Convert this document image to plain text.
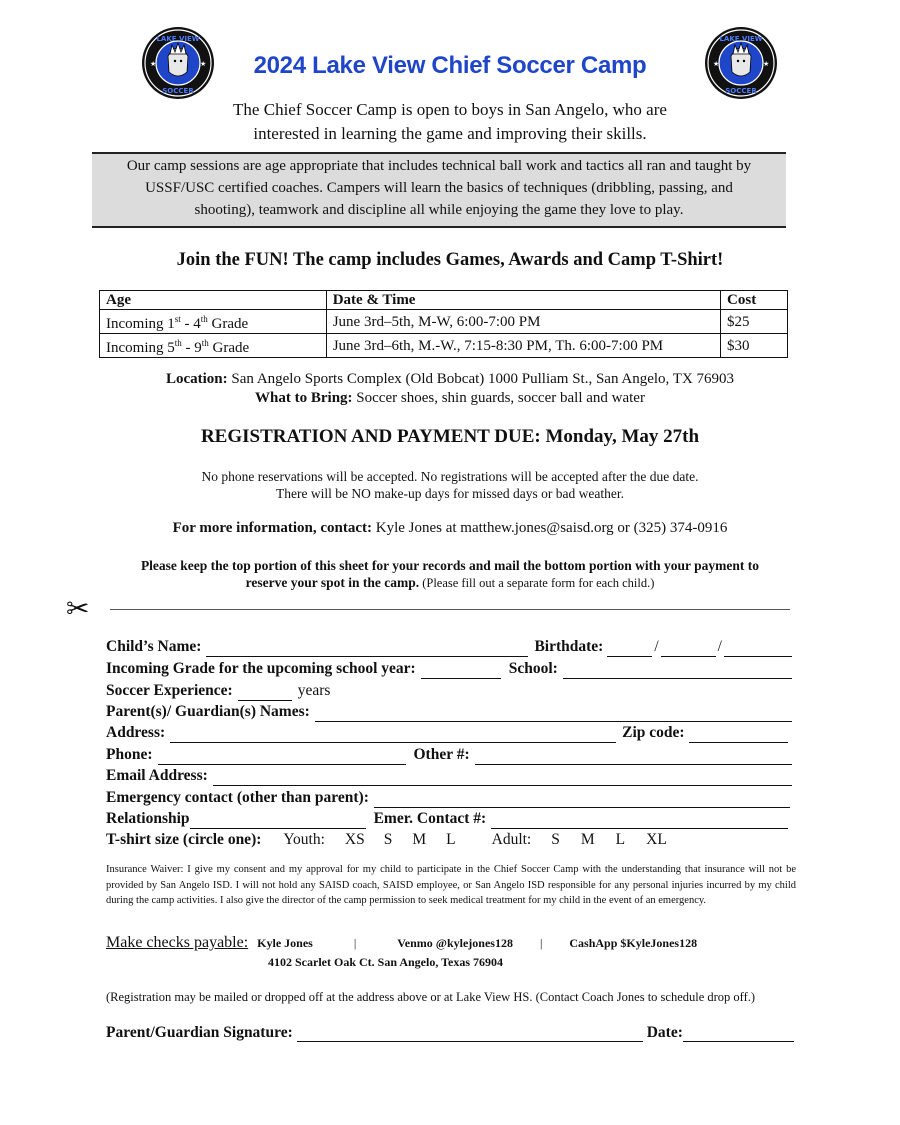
LAKE VIEW
SOCCER
★	★
LAKE VIEW
SOCCER
★	★
2024 Lake View Chief Soccer Camp
The Chief Soccer Camp is open to boys in San Angelo, who are
interested in learning the game and improving their skills.
Our camp sessions are age appropriate that includes technical ball work and tactics all ran and taught by
USSF/USC certified coaches. Campers will learn the basics of techniques (dribbling, passing, and
shooting), teamwork and discipline all while enjoying the game they love to play.
Join the FUN! The camp includes Games, Awards and Camp T-Shirt!
Age	Date & Time	Cost
Incoming 1st - 4th Grade	June 3rd–5th, M-W, 6:00-7:00 PM	$25
Incoming 5th - 9th Grade	June 3rd–6th, M.-W., 7:15-8:30 PM, Th. 6:00-7:00 PM	$30
Location: San Angelo Sports Complex (Old Bobcat) 1000 Pulliam St., San Angelo, TX 76903
What to Bring: Soccer shoes, shin guards, soccer ball and water
REGISTRATION AND PAYMENT DUE: Monday, May 27th
No phone reservations will be accepted. No registrations will be accepted after the due date.
There will be NO make-up days for missed days or bad weather.
For more information, contact: Kyle Jones at matthew.jones@saisd.org or (325) 374-0916
Please keep the top portion of this sheet for your records and mail the bottom portion with your payment to
reserve your spot in the camp. (Please fill out a separate form for each child.)
✂
Child’s Name:	Birthdate:	/	/
Incoming Grade for the upcoming school year:	School:
Soccer Experience:	years
Parent(s)/ Guardian(s) Names:
Address:	Zip code:
Phone:	Other #:
Email Address:
Emergency contact (other than parent):
Relationship	Emer. Contact #:
T-shirt size (circle one): Youth: XS S M L Adult: S M L XL
Insurance Waiver: I give my consent and my approval for my child to participate in the Chief Soccer Camp with the understanding that insurance will not be provided by San Angelo ISD. I will not hold any SAISD coach, SAISD employee, or San Angelo ISD responsible for any personal injuries incurred by my child during the camp activities. I also give the director of the camp permission to seek medical treatment for my child in the event of an emergency.
Make checks payable: Kyle Jones	|	Venmo @kylejones128 | CashApp $KyleJones128
4102 Scarlet Oak Ct. San Angelo, Texas 76904
(Registration may be mailed or dropped off at the address above or at Lake View HS. (Contact Coach Jones to schedule drop off.)
Parent/Guardian Signature:	Date:
